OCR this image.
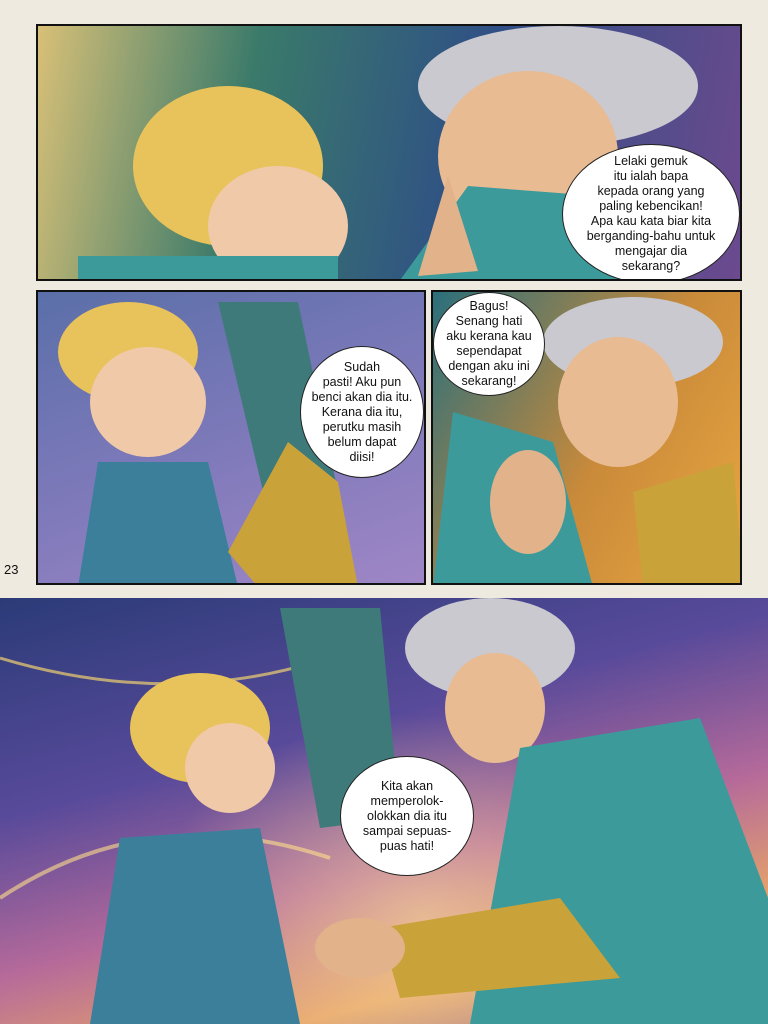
Lelaki gemuk
itu ialah bapa
kepada orang yang
paling kebencikan!
Apa kau kata biar kita
berganding-bahu untuk
mengajar dia
sekarang?
Sudah
pasti! Aku pun
benci akan dia itu.
Kerana dia itu,
perutku masih
belum dapat
diisi!
23
Bagus!
Senang hati
aku kerana kau
sependapat
dengan aku ini
sekarang!
Kita akan
memperolok-
olokkan dia itu
sampai sepuas-
puas hati!
